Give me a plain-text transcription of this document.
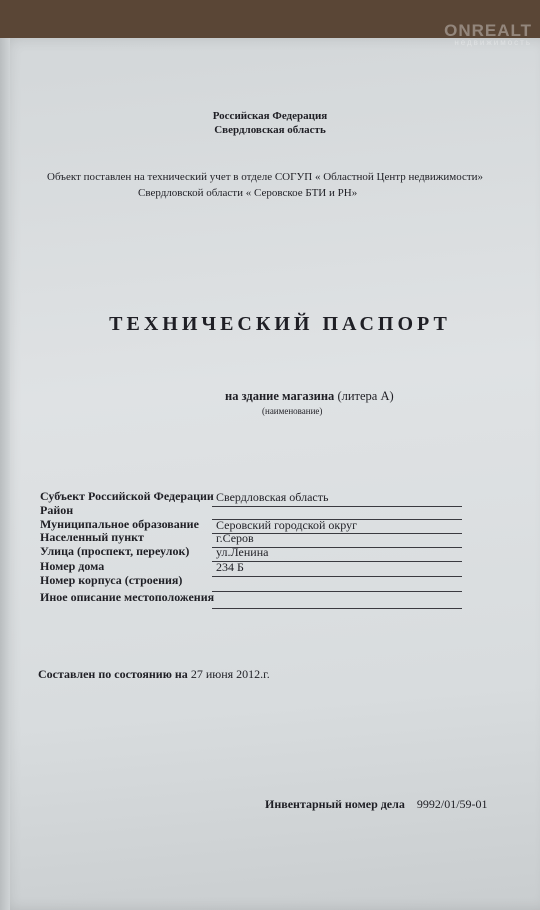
ONREALT
недвижимость
Российская Федерация
Свердловская область
Объект поставлен на технический учет в отделе СОГУП « Областной Центр недвижимости»
Свердловской области « Серовское БТИ и РН»
ТЕХНИЧЕСКИЙ ПАСПОРТ
на здание магазина (литера А)
(наименование)
Субъект Российской Федерации Свердловская область
Район
Муниципальное образование Серовский городской округ
Населенный пункт	г.Серов
Улица (проспект, переулок) ул.Ленина
Номер дома	234 Б
Номер корпуса (строения)
Иное описание местоположения
Составлен по состоянию на 27 июня 2012.г.
Инвентарный номер дела 9992/01/59-01
